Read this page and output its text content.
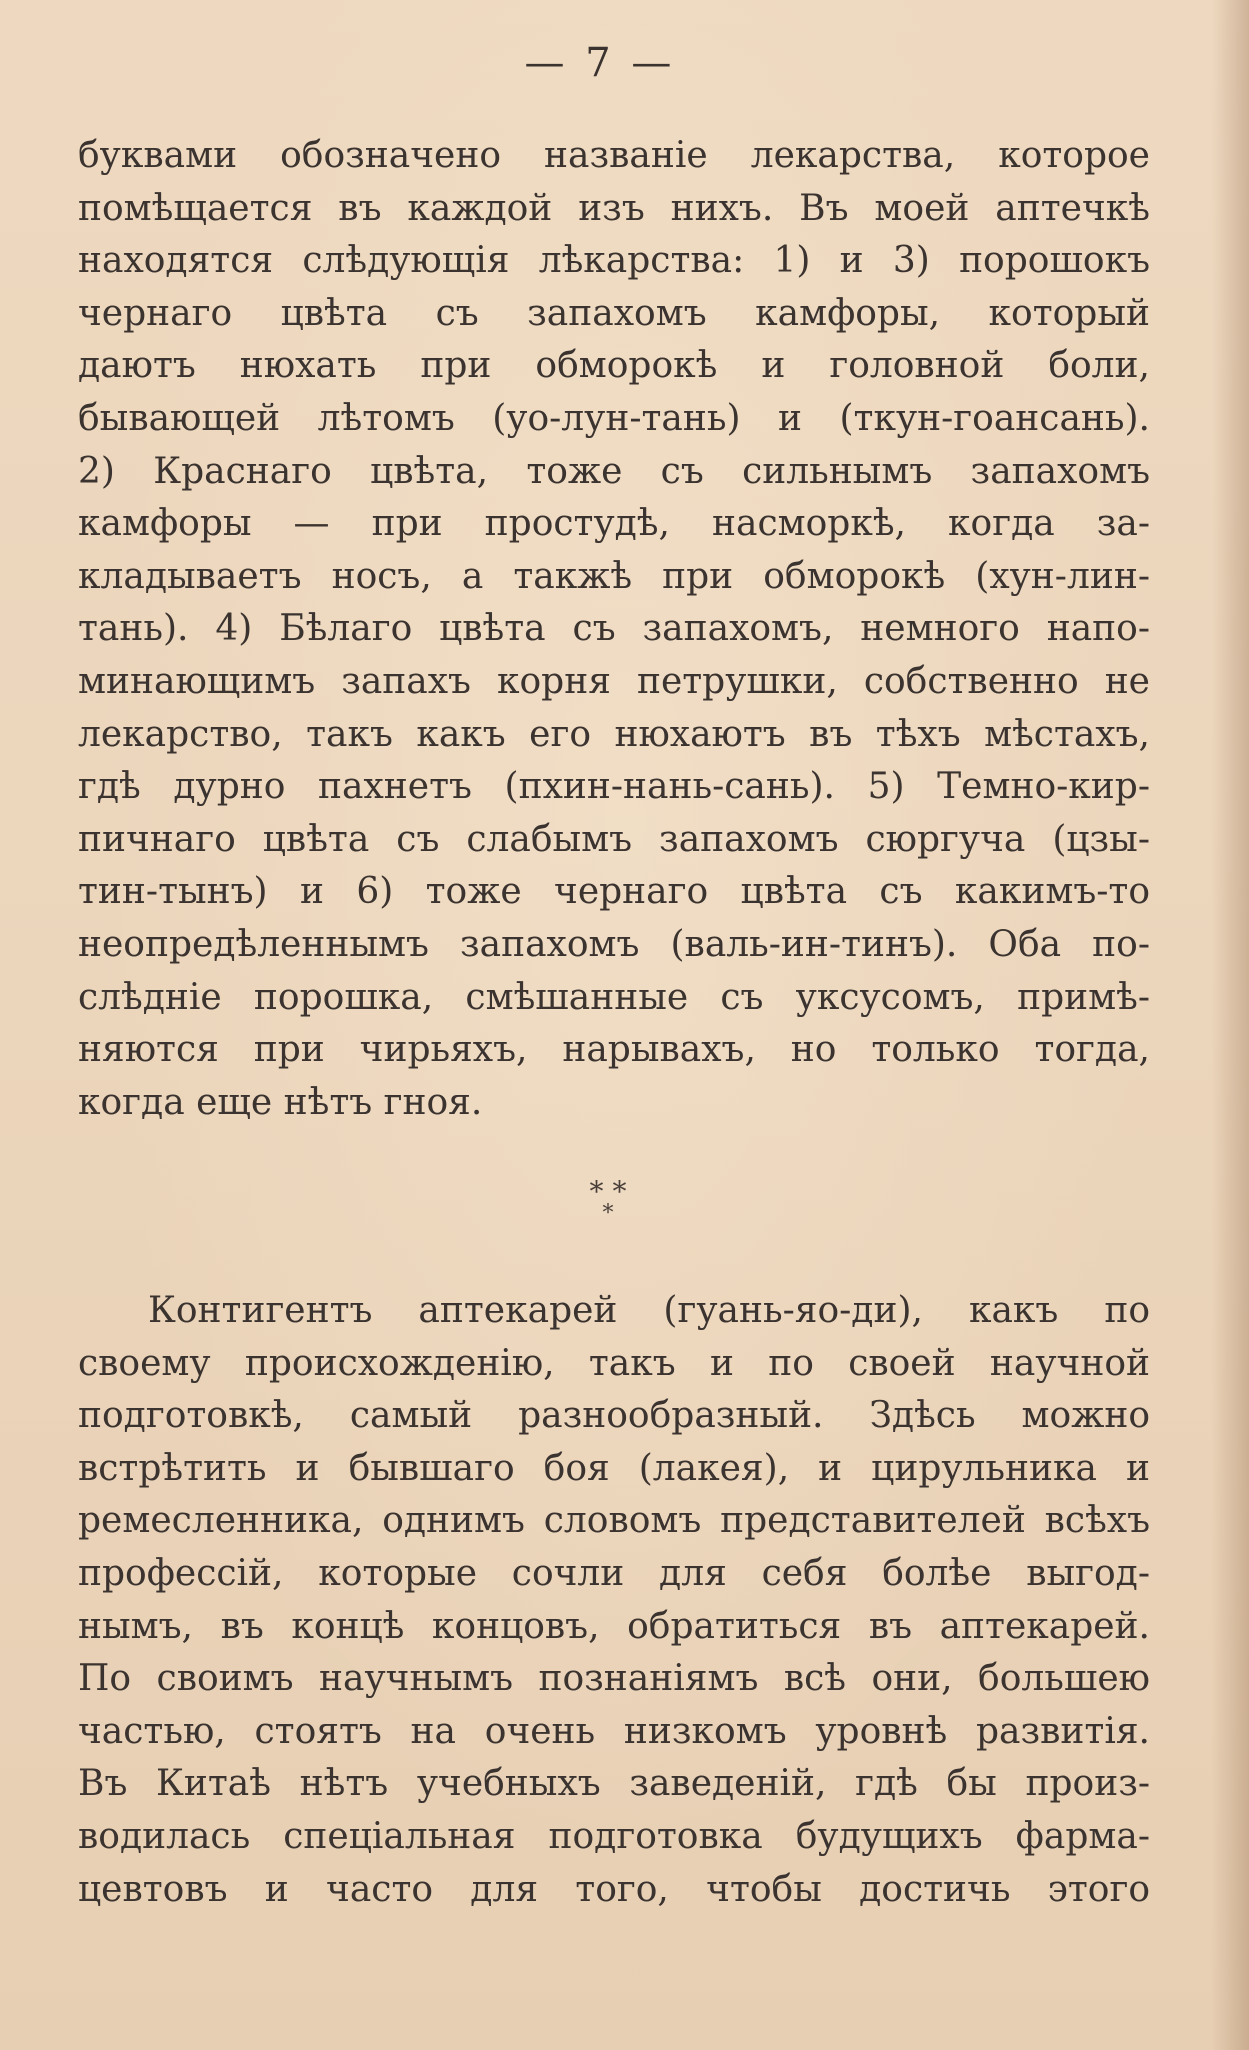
— 7 —
буквами обозначено названіе лекарства, которое
помѣщается въ каждой изъ нихъ. Въ моей аптечкѣ
находятся слѣдующія лѣкарства: 1) и 3) порошокъ
чернаго цвѣта съ запахомъ камфоры, который
даютъ нюхать при обморокѣ и головной боли,
бывающей лѣтомъ (уо-лун-тань) и (ткун-гоансань).
2) Краснаго цвѣта, тоже съ сильнымъ запахомъ
камфоры — при простудѣ, насморкѣ, когда за-
кладываетъ носъ, а такжѣ при обморокѣ (хун-лин-
тань). 4) Бѣлаго цвѣта съ запахомъ, немного напо-
минающимъ запахъ корня петрушки, собственно не
лекарство, такъ какъ его нюхаютъ въ тѣхъ мѣстахъ,
гдѣ дурно пахнетъ (пхин-нань-сань). 5) Темно-кир-
пичнаго цвѣта съ слабымъ запахомъ сюргуча (цзы-
тин-тынъ) и 6) тоже чернаго цвѣта съ какимъ-то
неопредѣленнымъ запахомъ (валь-ин-тинъ). Оба по-
слѣдніе порошка, смѣшанные съ уксусомъ, примѣ-
няются при чирьяхъ, нарывахъ, но только тогда,
когда еще нѣтъ гноя.
* *
*
Контигентъ аптекарей (гуань-яо-ди), какъ по
своему происхожденію, такъ и по своей научной
подготовкѣ, самый разнообразный. Здѣсь можно
встрѣтить и бывшаго боя (лакея), и цирульника и
ремесленника, однимъ словомъ представителей всѣхъ
профессій, которые сочли для себя болѣе выгод-
нымъ, въ концѣ концовъ, обратиться въ аптекарей.
По своимъ научнымъ познаніямъ всѣ они, большею
частью, стоятъ на очень низкомъ уровнѣ развитія.
Въ Китаѣ нѣтъ учебныхъ заведеній, гдѣ бы произ-
водилась спеціальная подготовка будущихъ фарма-
цевтовъ и часто для того, чтобы достичь этого
